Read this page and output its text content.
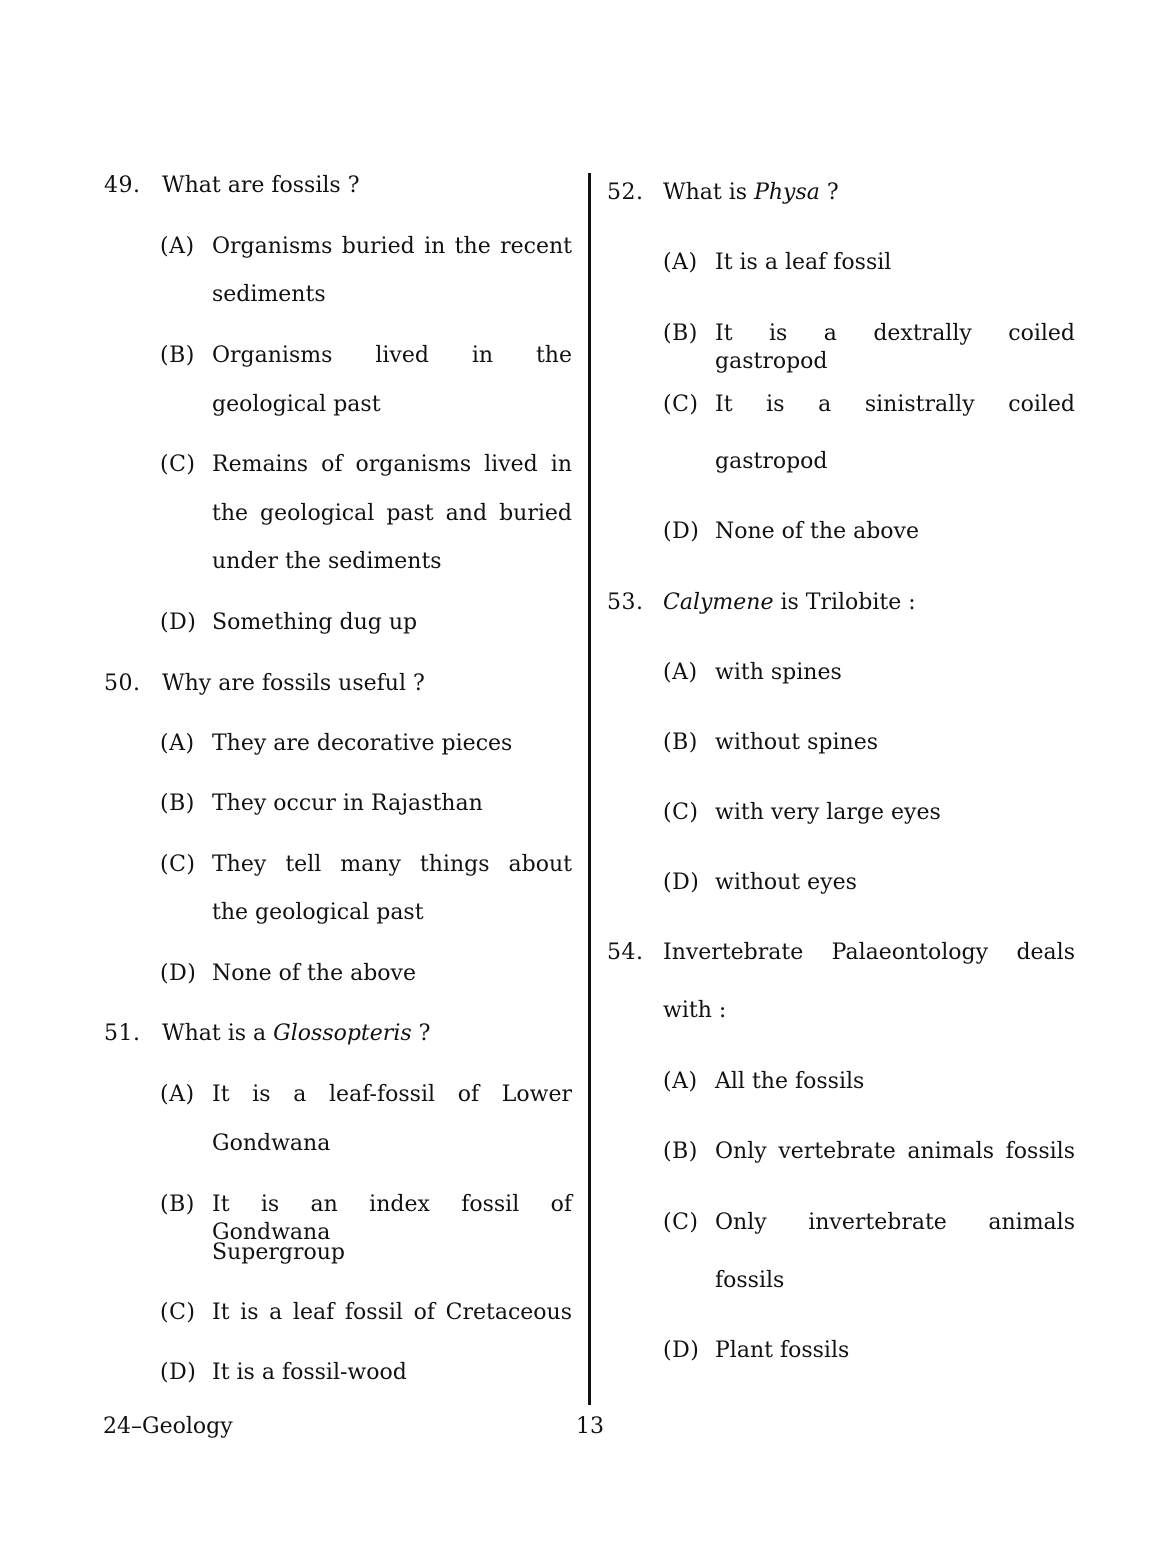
49. What are fossils ?
(A) Organisms buried in the recent
sediments
(B) Organisms lived in the
geological past
(C) Remains of organisms lived in
the geological past and buried
under the sediments
(D) Something dug up
50. Why are fossils useful ?
(A) They are decorative pieces
(B) They occur in Rajasthan
(C) They tell many things about
the geological past
(D) None of the above
51. What is a Glossopteris ?
(A) It is a leaf-fossil of Lower
Gondwana
(B) It is an index fossil of Gondwana
Supergroup
(C) It is a leaf fossil of Cretaceous
(D) It is a fossil-wood
52. What is Physa ?
(A) It is a leaf fossil
(B) It is a dextrally coiled gastropod
(C) It is a sinistrally coiled
gastropod
(D) None of the above
53. Calymene is Trilobite :
(A) with spines
(B) without spines
(C) with very large eyes
(D) without eyes
54. Invertebrate Palaeontology deals
with :
(A) All the fossils
(B) Only vertebrate animals fossils
(C) Only invertebrate animals
fossils
(D) Plant fossils
24–Geology	13
